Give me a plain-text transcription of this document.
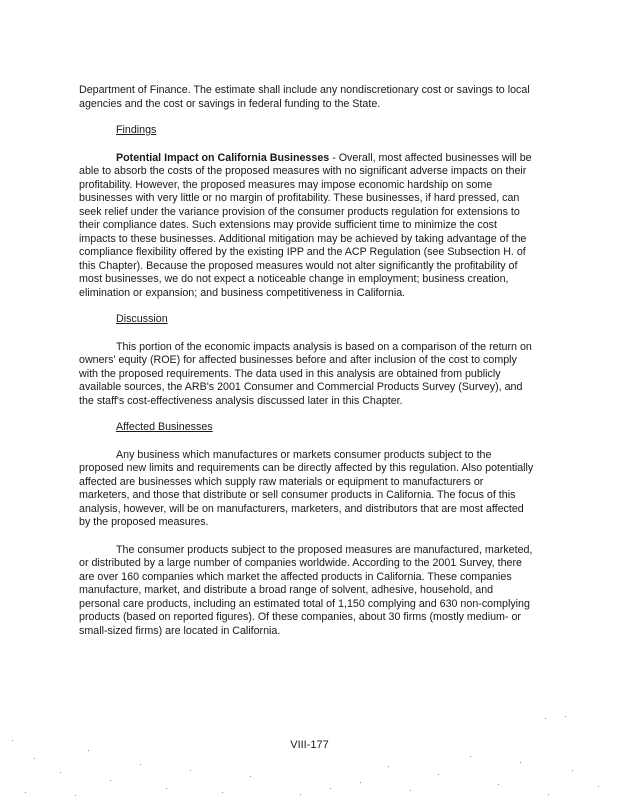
Department of Finance. The estimate shall include any nondiscretionary cost or savings to local agencies and the cost or savings in federal funding to the State.

Findings

Potential Impact on California Businesses - Overall, most affected businesses will be able to absorb the costs of the proposed measures with no significant adverse impacts on their profitability. However, the proposed measures may impose economic hardship on some businesses with very little or no margin of profitability. These businesses, if hard pressed, can seek relief under the variance provision of the consumer products regulation for extensions to their compliance dates. Such extensions may provide sufficient time to minimize the cost impacts to these businesses. Additional mitigation may be achieved by taking advantage of the compliance flexibility offered by the existing IPP and the ACP Regulation (see Subsection H. of this Chapter). Because the proposed measures would not alter significantly the profitability of most businesses, we do not expect a noticeable change in employment; business creation, elimination or expansion; and business competitiveness in California.

Discussion

This portion of the economic impacts analysis is based on a comparison of the return on owners' equity (ROE) for affected businesses before and after inclusion of the cost to comply with the proposed requirements. The data used in this analysis are obtained from publicly available sources, the ARB's 2001 Consumer and Commercial Products Survey (Survey), and the staff's cost-effectiveness analysis discussed later in this Chapter.

Affected Businesses

Any business which manufactures or markets consumer products subject to the proposed new limits and requirements can be directly affected by this regulation. Also potentially affected are businesses which supply raw materials or equipment to manufacturers or marketers, and those that distribute or sell consumer products in California. The focus of this analysis, however, will be on manufacturers, marketers, and distributors that are most affected by the proposed measures.

The consumer products subject to the proposed measures are manufactured, marketed, or distributed by a large number of companies worldwide. According to the 2001 Survey, there are over 160 companies which market the affected products in California. These companies manufacture, market, and distribute a broad range of solvent, adhesive, household, and personal care products, including an estimated total of 1,150 complying and 630 non-complying products (based on reported figures). Of these companies, about 30 firms (mostly medium- or small-sized firms) are located in California.

VIII-177
